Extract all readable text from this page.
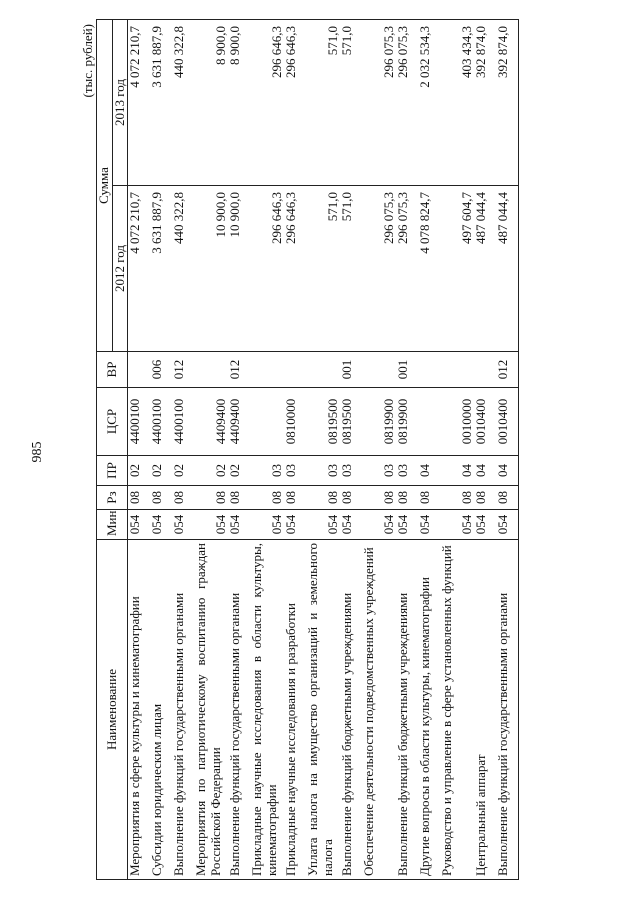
985
(тыс. рублей)
Наименование	Мин	Рз	ПР	ЦСР	ВР	Сумма	
						2012 год	2013 год
Мероприятия в сфере культуры и кинематографии	054	08	02	4400100		4 072 210,7	4 072 210,7
Субсидии юридическим лицам	054	08	02	4400100	006	3 631 887,9	3 631 887,9
Выполнение функций государственными органами	054	08	02	4400100	012	440 322,8	440 322,8
Мероприятия по патриотическому воспитанию граждан Российской Федерации	054	08	02	4409400		10 900,0	8 900,0
Выполнение функций государственными органами	054	08	02	4409400	012	10 900,0	8 900,0
Прикладные научные исследования в области культуры, кинематографии	054	08	03			296 646,3	296 646,3
Прикладные научные исследования и разработки	054	08	03	0810000		296 646,3	296 646,3
Уплата налога на имущество организаций и земельного налога	054	08	03	0819500		571,0	571,0
Выполнение функций бюджетными учреждениями	054	08	03	0819500	001	571,0	571,0
Обеспечение деятельности подведомственных учреждений	054	08	03	0819900		296 075,3	296 075,3
Выполнение функций бюджетными учреждениями	054	08	03	0819900	001	296 075,3	296 075,3
Другие вопросы в области культуры, кинематографии	054	08	04			4 078 824,7	2 032 534,3
Руководство и управление в сфере установленных функций	054	08	04	0010000		497 604,7	403 434,3
Центральный аппарат	054	08	04	0010400		487 044,4	392 874,0
Выполнение функций государственными органами	054	08	04	0010400	012	487 044,4	392 874,0
